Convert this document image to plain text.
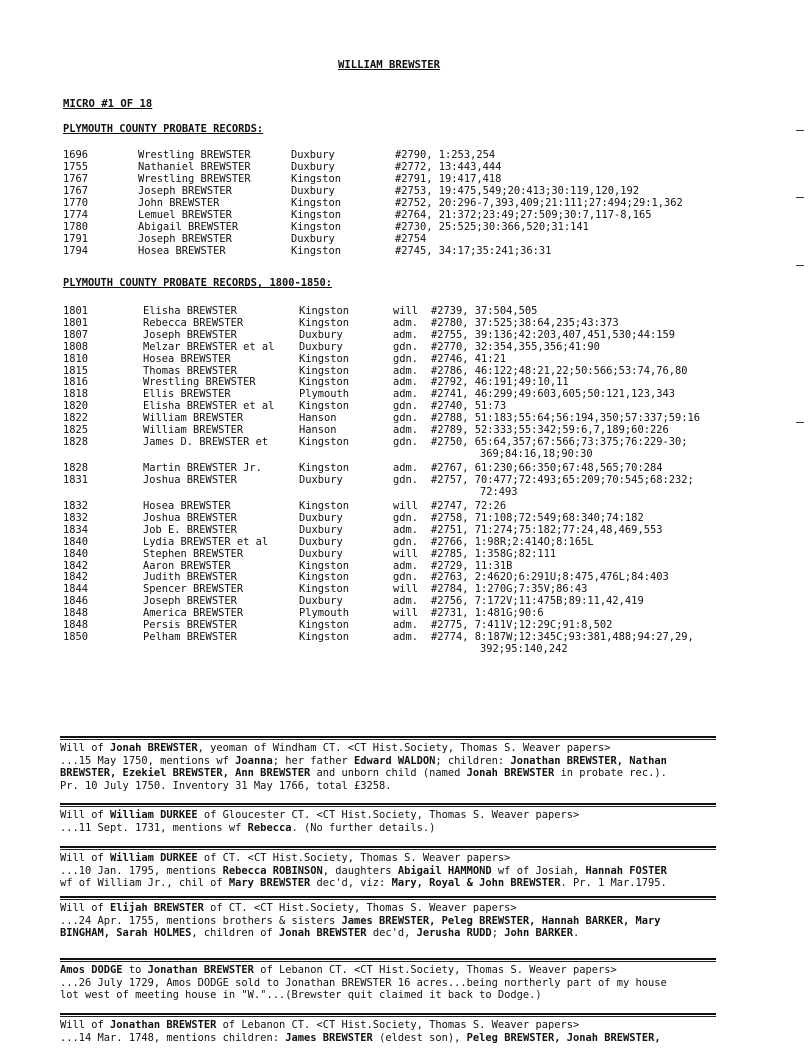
WILLIAM BREWSTER
MICRO #1 OF 18
PLYMOUTH COUNTY PROBATE RECORDS:
1696	Wrestling BREWSTER	Duxbury	#2790, 1:253,254
1755	Nathaniel BREWSTER	Duxbury	#2772, 13:443,444
1767	Wrestling BREWSTER	Kingston	#2791, 19:417,418
1767	Joseph BREWSTER	Duxbury	#2753, 19:475,549;20:413;30:119,120,192
1770	John BREWSTER	Kingston	#2752, 20:296-7,393,409;21:111;27:494;29:1,362
1774	Lemuel BREWSTER	Kingston	#2764, 21:372;23:49;27:509;30:7,117-8,165
1780	Abigail BREWSTER	Kingston	#2730, 25:525;30:366,520;31:141
1791	Joseph BREWSTER	Duxbury	#2754
1794	Hosea BREWSTER	Kingston	#2745, 34:17;35:241;36:31
PLYMOUTH COUNTY PROBATE RECORDS, 1800-1850:
1801	Elisha BREWSTER	Kingston	will #2739, 37:504,505
1801	Rebecca BREWSTER	Kingston	adm. #2780, 37:525;38:64,235;43:373
1807	Joseph BREWSTER	Duxbury	adm. #2755, 39:136;42:203,407,451,530;44:159
1808	Melzar BREWSTER et al Duxbury	gdn. #2770, 32:354,355,356;41:90
1810	Hosea BREWSTER	Kingston	gdn. #2746, 41:21
1815	Thomas BREWSTER	Kingston	adm. #2786, 46:122;48:21,22;50:566;53:74,76,80
1816	Wrestling BREWSTER	Kingston	adm. #2792, 46:191;49:10,11
1818	Ellis BREWSTER	Plymouth	adm. #2741, 46:299;49:603,605;50:121,123,343
1820	Elisha BREWSTER et al Kingston	gdn. #2740, 51:73
1822	William BREWSTER	Hanson	gdn. #2788, 51:183;55:64;56:194,350;57:337;59:16
1825	William BREWSTER	Hanson	adm. #2789, 52:333;55:342;59:6,7,189;60:226
1828	James D. BREWSTER et	Kingston	gdn. #2750, 65:64,357;67:566;73:375;76:229-30;
369;84:16,18;90:30
1828	Martin BREWSTER Jr.	Kingston	adm. #2767, 61:230;66:350;67:48,565;70:284
1831	Joshua BREWSTER	Duxbury	gdn. #2757, 70:477;72:493;65:209;70:545;68:232;
72:493
1832	Hosea BREWSTER	Kingston	will #2747, 72:26
1832	Joshua BREWSTER	Duxbury	gdn. #2758, 71:108;72:549;68:340;74:182
1834	Job E. BREWSTER	Duxbury	adm. #2751, 71:274;75:182;77:24,48,469,553
1840	Lydia BREWSTER et al	Duxbury	gdn. #2766, 1:98R;2:414O;8:165L
1840	Stephen BREWSTER	Duxbury	will #2785, 1:358G;82:111
1842	Aaron BREWSTER	Kingston	adm. #2729, 11:31B
1842	Judith BREWSTER	Kingston	gdn. #2763, 2:462O;6:291U;8:475,476L;84:403
1844	Spencer BREWSTER	Kingston	will #2784, 1:270G;7:35V;86:43
1846	Joseph BREWSTER	Duxbury	adm. #2756, 7:172V;11:475B;89:11,42,419
1848	America BREWSTER	Plymouth	will #2731, 1:481G;90:6
1848	Persis BREWSTER	Kingston	adm. #2775, 7:411V;12:29C;91:8,502
1850	Pelham BREWSTER	Kingston	adm. #2774, 8:187W;12:345C;93:381,488;94:27,29,
392;95:140,242
Will of Jonah BREWSTER, yeoman of Windham CT. <CT Hist.Society, Thomas S. Weaver papers>
...15 May 1750, mentions wf Joanna; her father Edward WALDON; children: Jonathan BREWSTER, Nathan
BREWSTER, Ezekiel BREWSTER, Ann BREWSTER and unborn child (named Jonah BREWSTER in probate rec.).
Pr. 10 July 1750. Inventory 31 May 1766, total £3258.
Will of William DURKEE of Gloucester CT. <CT Hist.Society, Thomas S. Weaver papers>
...11 Sept. 1731, mentions wf Rebecca. (No further details.)
Will of William DURKEE of CT. <CT Hist.Society, Thomas S. Weaver papers>
...10 Jan. 1795, mentions Rebecca ROBINSON, daughters Abigail HAMMOND wf of Josiah, Hannah FOSTER
wf of William Jr., chil of Mary BREWSTER dec'd, viz: Mary, Royal & John BREWSTER. Pr. 1 Mar.1795.
Will of Elijah BREWSTER of CT. <CT Hist.Society, Thomas S. Weaver papers>
...24 Apr. 1755, mentions brothers & sisters James BREWSTER, Peleg BREWSTER, Hannah BARKER, Mary
BINGHAM, Sarah HOLMES, children of Jonah BREWSTER dec'd, Jerusha RUDD; John BARKER.
Amos DODGE to Jonathan BREWSTER of Lebanon CT. <CT Hist.Society, Thomas S. Weaver papers>
...26 July 1729, Amos DODGE sold to Jonathan BREWSTER 16 acres...being northerly part of my house
lot west of meeting house in "W."...(Brewster quit claimed it back to Dodge.)
Will of Jonathan BREWSTER of Lebanon CT. <CT Hist.Society, Thomas S. Weaver papers>
...14 Mar. 1748, mentions children: James BREWSTER (eldest son), Peleg BREWSTER, Jonah BREWSTER,
